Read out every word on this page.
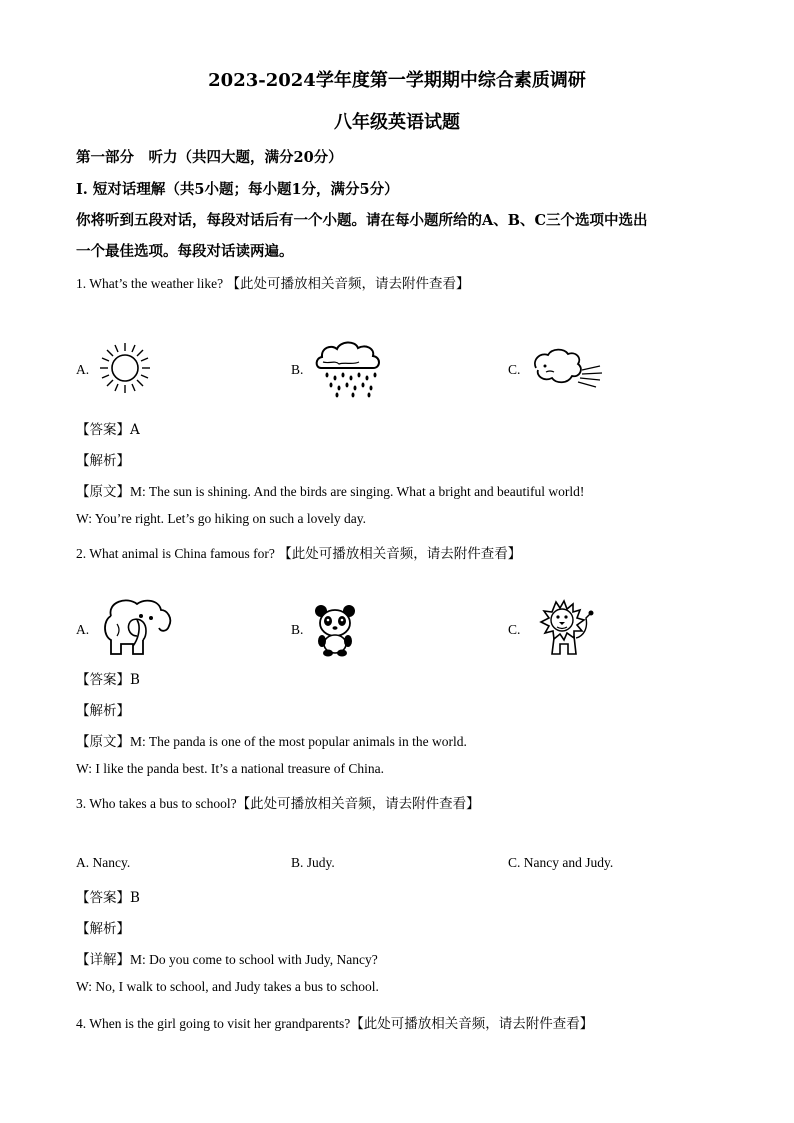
2023-2024学年度第一学期期中综合素质调研
八年级英语试题
第一部分　听力（共四大题，满分20分）
I. 短对话理解（共5小题；每小题1分，满分5分）
你将听到五段对话，每段对话后有一个小题。请在每小题所给的A、B、C三个选项中选出
一个最佳选项。每段对话读两遍。
1. What’s the weather like? 【此处可播放相关音频，请去附件查看】
A.	B.	C.
【答案】A
【解析】
【原文】M: The sun is shining. And the birds are singing. What a bright and beautiful world!
W: You’re right. Let’s go hiking on such a lovely day.
2. What animal is China famous for? 【此处可播放相关音频，请去附件查看】
A.	B.	C.
【答案】B
【解析】
【原文】M: The panda is one of the most popular animals in the world.
W: I like the panda best. It’s a national treasure of China.
3. Who takes a bus to school?【此处可播放相关音频，请去附件查看】
A. Nancy.	B. Judy.	C. Nancy and Judy.
【答案】B
【解析】
【详解】M: Do you come to school with Judy, Nancy?
W: No, I walk to school, and Judy takes a bus to school.
4. When is the girl going to visit her grandparents?【此处可播放相关音频，请去附件查看】
